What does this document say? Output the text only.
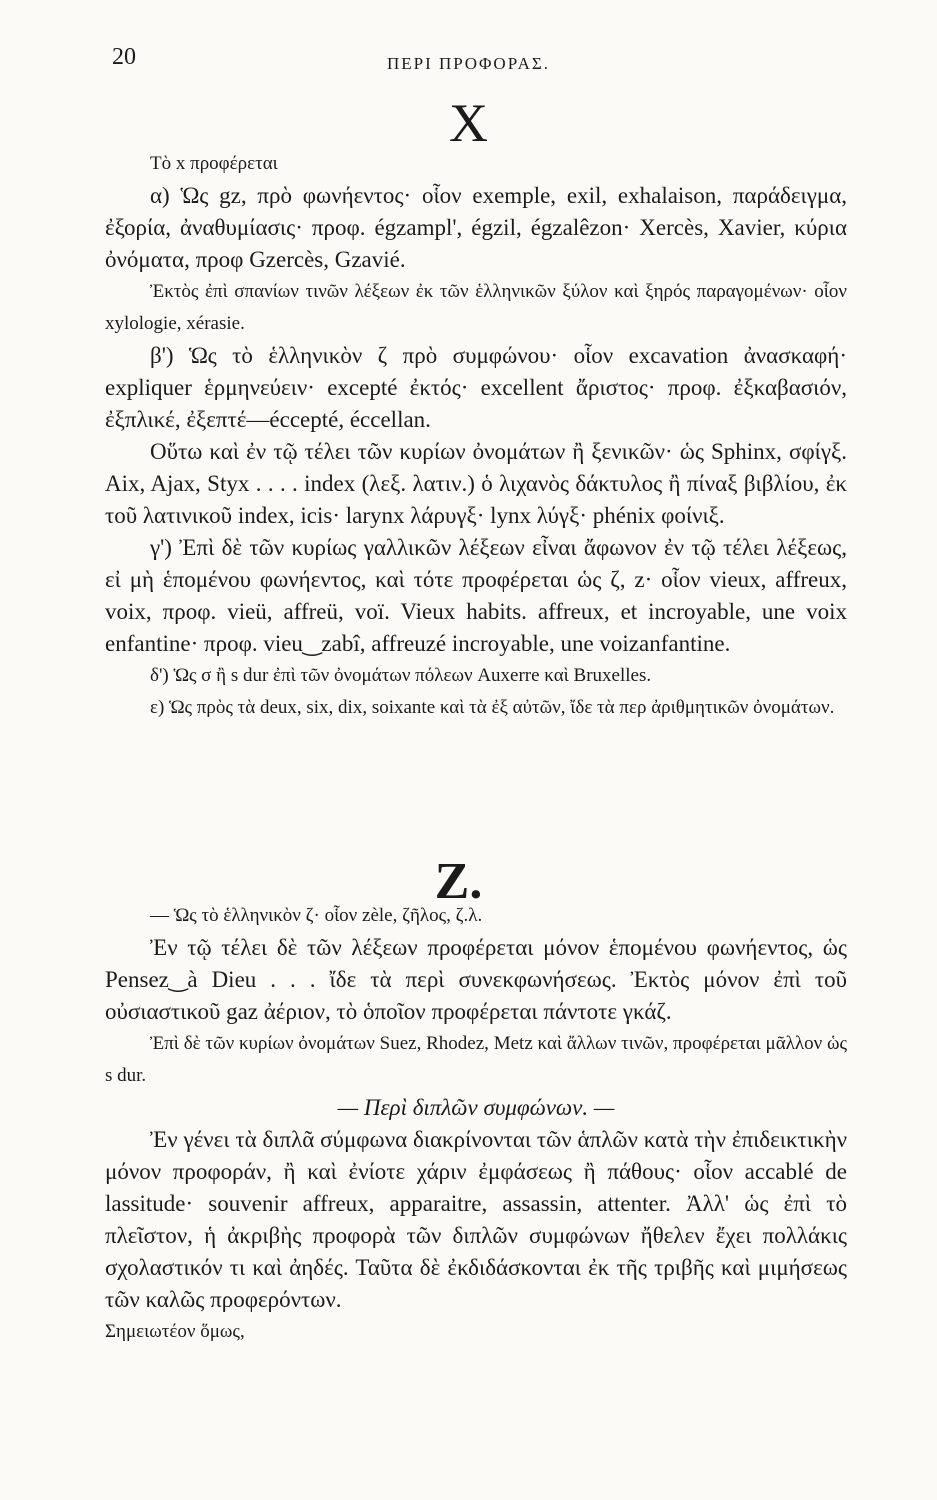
20	ΠΕΡΙ ΠΡΟΦΟΡΑΣ.
X

Τὸ x προφέρεται

α) Ὡς gz, πρὸ φωνήεντος· οἷον exemple, exil, exhalaison, παράδειγμα, ἐξορία, ἀναθυμίασις· προφ. égzampl', égzil, égzalêzon· Xercès, Xavier, κύρια ὀνόματα, προφ Gzercès, Gzavié.

Ἐκτὸς ἐπὶ σπανίων τινῶν λέξεων ἐκ τῶν ἑλληνικῶν ξύλον καὶ ξηρός παραγομένων· οἷον xylologie, xérasie.

β') Ὡς τὸ ἑλληνικὸν ζ πρὸ συμφώνου· οἷον excavation ἀνασκαφή· expliquer ἑρμηνεύειν· excepté ἐκτός· excellent ἄριστος· προφ. ἐξκαβασιόν, ἐξπλικέ, ἐξεπτέ—éccepté, éccellan.

Οὕτω καὶ ἐν τῷ τέλει τῶν κυρίων ὀνομάτων ἢ ξενικῶν· ὡς Sphinx, σφίγξ. Aix, Ajax, Styx . . . . index (λεξ. λατιν.) ὁ λιχανὸς δάκτυλος ἢ πίναξ βιβλίου, ἐκ τοῦ λατινικοῦ index, icis· larynx λάρυγξ· lynx λύγξ· phénix φοίνιξ.

γ') Ἐπὶ δὲ τῶν κυρίως γαλλικῶν λέξεων εἶναι ἄφωνον ἐν τῷ τέλει λέξεως, εἰ μὴ ἑπομένου φωνήεντος, καὶ τότε προφέρεται ὡς ζ, z· οἷον vieux, affreux, voix, προφ. vieü, affreü, voï. Vieux habits. affreux, et incroyable, une voix enfantine· προφ. vieu‿zabî, affreuzé incroyable, une voizanfantine.

δ') Ὡς σ ἢ s dur ἐπὶ τῶν ὀνομάτων πόλεων Auxerre καὶ Bruxelles.

ε) Ὡς πρὸς τὰ deux, six, dix, soixante καὶ τὰ ἐξ αὐτῶν, ἴδε τὰ περ ἀριθμητικῶν ὀνομάτων.

Z.

— Ὡς τὸ ἑλληνικὸν ζ· οἷον zèle, ζῆλος, ζ.λ.

Ἐν τῷ τέλει δὲ τῶν λέξεων προφέρεται μόνον ἑπομένου φωνήεντος, ὡς Pensez‿à Dieu . . . ἴδε τὰ περὶ συνεκφωνήσεως. Ἐκτὸς μόνον ἐπὶ τοῦ οὐσιαστικοῦ gaz ἀέριον, τὸ ὁποῖον προφέρεται πάντοτε γκάζ.

Ἐπὶ δὲ τῶν κυρίων ὀνομάτων Suez, Rhodez, Metz καὶ ἄλλων τινῶν, προφέρεται μᾶλλον ὡς s dur.

— Περὶ διπλῶν συμφώνων. —

Ἐν γένει τὰ διπλᾶ σύμφωνα διακρίνονται τῶν ἁπλῶν κατὰ τὴν ἐπιδεικτικὴν μόνον προφοράν, ἢ καὶ ἐνίοτε χάριν ἐμφάσεως ἢ πάθους· οἷον accablé de lassitude· souvenir affreux, apparaitre, assassin, attenter. Ἀλλ' ὡς ἐπὶ τὸ πλεῖστον, ἡ ἀκριβὴς προφορὰ τῶν διπλῶν συμφώνων ἤθελεν ἔχει πολλάκις σχολαστικόν τι καὶ ἀηδές. Ταῦτα δὲ ἐκδιδάσκονται ἐκ τῆς τριβῆς καὶ μιμήσεως τῶν καλῶς προφερόντων.

Σημειωτέον ὅμως,
